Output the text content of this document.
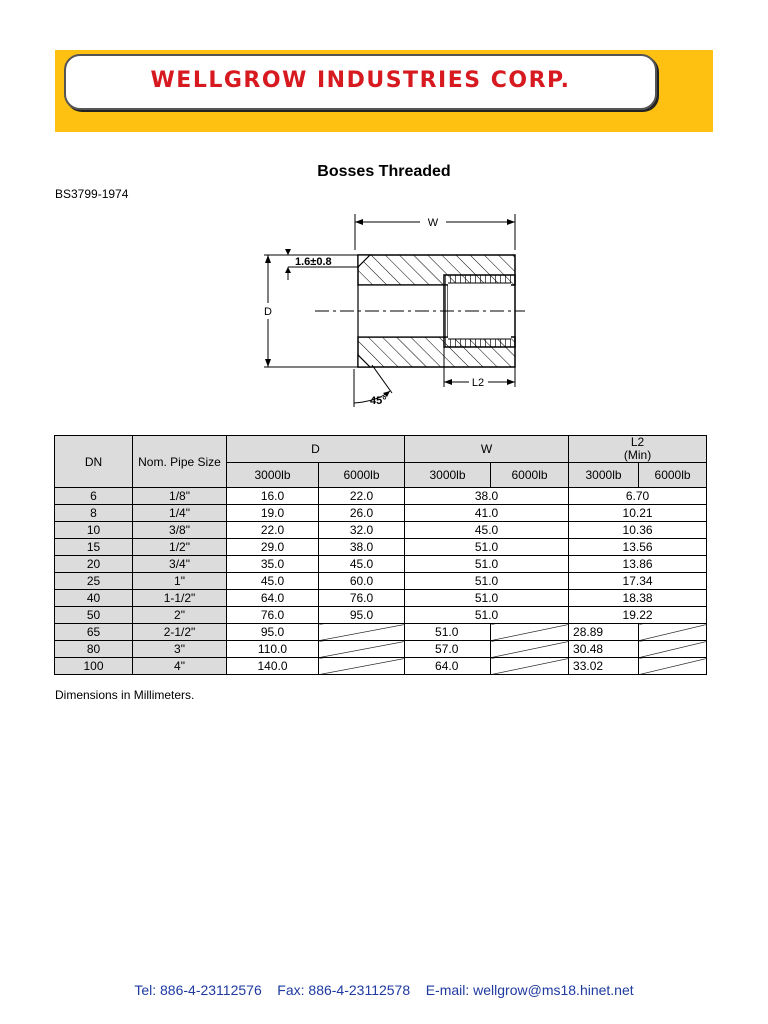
WELLGROW INDUSTRIES CORP.
Bosses Threaded
BS3799-1974
W
D
1.6±0.8
L2
45°
DN	Nom. Pipe Size	D		W		L2
(Min)	
		3000lb	6000lb	3000lb	6000lb	3000lb	6000lb
6	1/8"	16.0	22.0	38.0		6.70	
8	1/4"	19.0	26.0	41.0		10.21	
10	3/8"	22.0	32.0	45.0		10.36	
15	1/2"	29.0	38.0	51.0		13.56	
20	3/4"	35.0	45.0	51.0		13.86	
25	1"	45.0	60.0	51.0		17.34	
40	1-1/2"	64.0	76.0	51.0		18.38	
50	2"	76.0	95.0	51.0		19.22	
65	2-1/2"	95.0		51.0		28.89	
80	3"	110.0		57.0		30.48	
100	4"	140.0		64.0		33.02	
Dimensions in Millimeters.
Tel: 886-4-23112576    Fax: 886-4-23112578    E-mail: wellgrow@ms18.hinet.net
